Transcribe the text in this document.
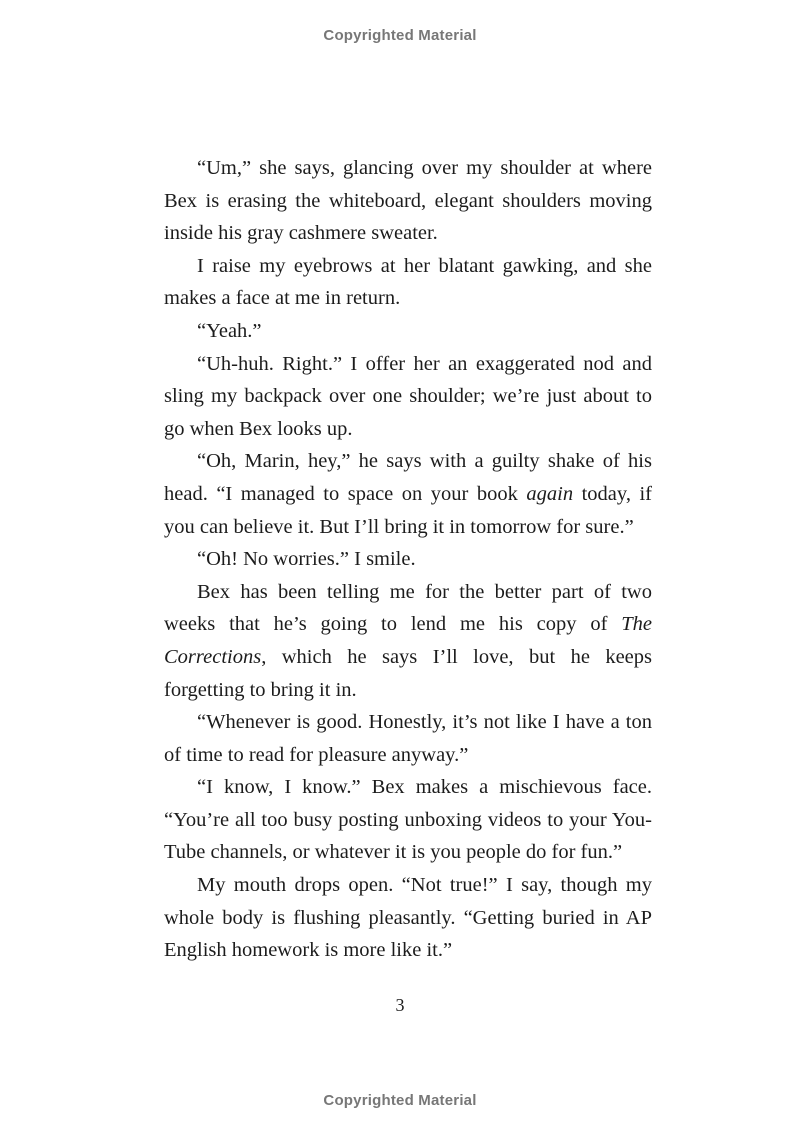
Copyrighted Material

“Um,” she says, glancing over my shoulder at where Bex is erasing the whiteboard, elegant shoulders moving inside his gray cashmere sweater.

I raise my eyebrows at her blatant gawking, and she makes a face at me in return.

“Yeah.”

“Uh-huh. Right.” I offer her an exaggerated nod and sling my backpack over one shoulder; we’re just about to go when Bex looks up.

“Oh, Marin, hey,” he says with a guilty shake of his head. “I managed to space on your book again today, if you can believe it. But I’ll bring it in tomorrow for sure.”

“Oh! No worries.” I smile.

Bex has been telling me for the better part of two weeks that he’s going to lend me his copy of The Corrections, which he says I’ll love, but he keeps forgetting to bring it in.

“Whenever is good. Honestly, it’s not like I have a ton of time to read for pleasure anyway.”

“I know, I know.” Bex makes a mischievous face. “You’re all too busy posting unboxing videos to your You-Tube channels, or whatever it is you people do for fun.”

My mouth drops open. “Not true!” I say, though my whole body is flushing pleasantly. “Getting buried in AP English homework is more like it.”

3
Copyrighted Material
